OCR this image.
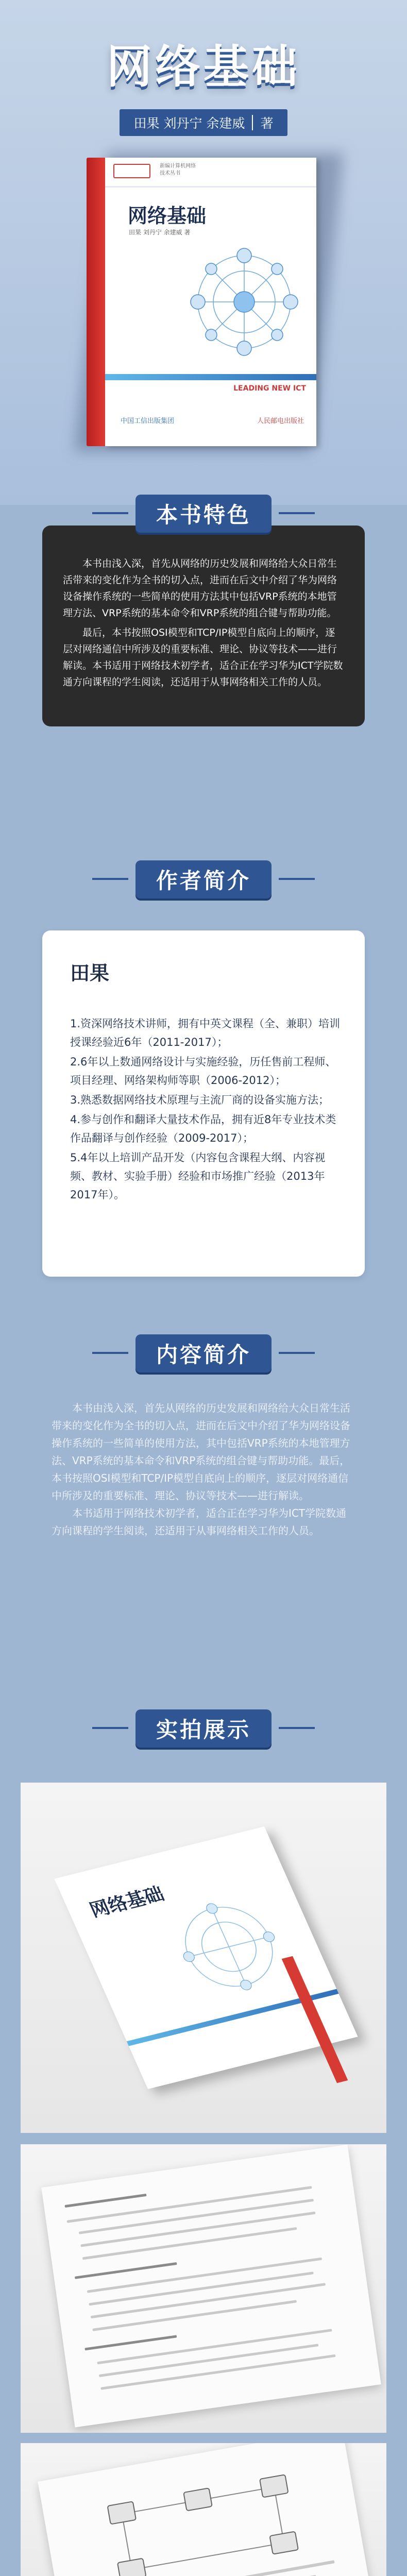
网络基础
田果 刘丹宁 余建威 著
新编计算机网络
技术丛书
网络基础
田果 刘丹宁 余建威 著
LEADING NEW ICT
中国工信出版集团	人民邮电出版社
本书特色

本书由浅入深，首先从网络的历史发展和网络给大众日常生活带来的变化作为全书的切入点，进而在后文中介绍了华为网络设备操作系统的一些简单的使用方法其中包括VRP系统的本地管理方法、VRP系统的基本命令和VRP系统的组合键与帮助功能。

最后，本书按照OSI模型和TCP/IP模型自底向上的顺序，逐层对网络通信中所涉及的重要标准、理论、协议等技术——进行解读。本书适用于网络技术初学者，适合正在学习华为ICT学院数通方向课程的学生阅读，还适用于从事网络相关工作的人员。

作者简介
田果
1.资深网络技术讲师，拥有中英文课程（全、兼职）培训授课经验近6年（2011-2017）；
2.6年以上数通网络设计与实施经验，历任售前工程师、项目经理、网络架构师等职（2006-2012）；
3.熟悉数据网络技术原理与主流厂商的设备实施方法；
4.参与创作和翻译大量技术作品，拥有近8年专业技术类作品翻译与创作经验（2009-2017）；
5.4年以上培训产品开发（内容包含课程大纲、内容视频、教材、实验手册）经验和市场推广经验（2013年2017年）。
内容简介

本书由浅入深，首先从网络的历史发展和网络给大众日常生活带来的变化作为全书的切入点，进而在后文中介绍了华为网络设备操作系统的一些简单的使用方法，其中包括VRP系统的本地管理方法、VRP系统的基本命令和VRP系统的组合键与帮助功能。最后，本书按照OSI模型和TCP/IP模型自底向上的顺序，逐层对网络通信中所涉及的重要标准、理论、协议等技术——进行解读。

本书适用于网络技术初学者，适合正在学习华为ICT学院数通方向课程的学生阅读，还适用于从事网络相关工作的人员。

实拍展示
网络基础
